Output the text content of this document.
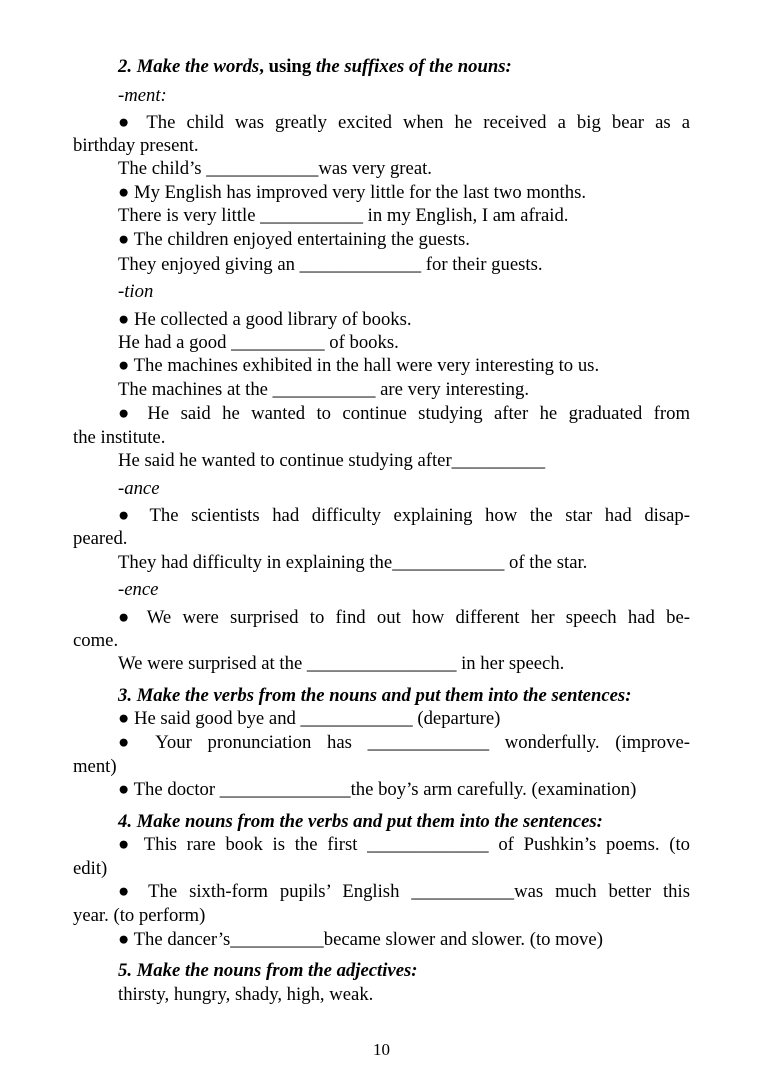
2. Make the words, using the suffixes of the nouns:
-ment:
● The child was greatly excited when he received a big bear as a
birthday present.
The child’s ____________was very great.
● My English has improved very little for the last two months.
There is very little ___________ in my English, I am afraid.
● The children enjoyed entertaining the guests.
They enjoyed giving an _____________ for their guests.
-tion
● He collected a good library of books.
He had a good __________ of books.
● The machines exhibited in the hall were very interesting to us.
The machines at the ___________ are very interesting.
● He said he wanted to continue studying after he graduated from
the institute.
He said he wanted to continue studying after__________
-ance
● The scientists had difficulty explaining how the star had disap-
peared.
They had difficulty in explaining the____________ of the star.
-ence
● We were surprised to find out how different her speech had be-
come.
We were surprised at the ________________ in her speech.
3. Make the verbs from the nouns and put them into the sentences:
● He said good bye and ____________ (departure)
● Your pronunciation has _____________ wonderfully. (improve-
ment)
● The doctor ______________the boy’s arm carefully. (examination)
4. Make nouns from the verbs and put them into the sentences:
● This rare book is the first _____________ of Pushkin’s poems. (to
edit)
● The sixth-form pupils’ English ___________was much better this
year. (to perform)
● The dancer’s__________became slower and slower. (to move)
5. Make the nouns from the adjectives:
thirsty, hungry, shady, high, weak.
10
